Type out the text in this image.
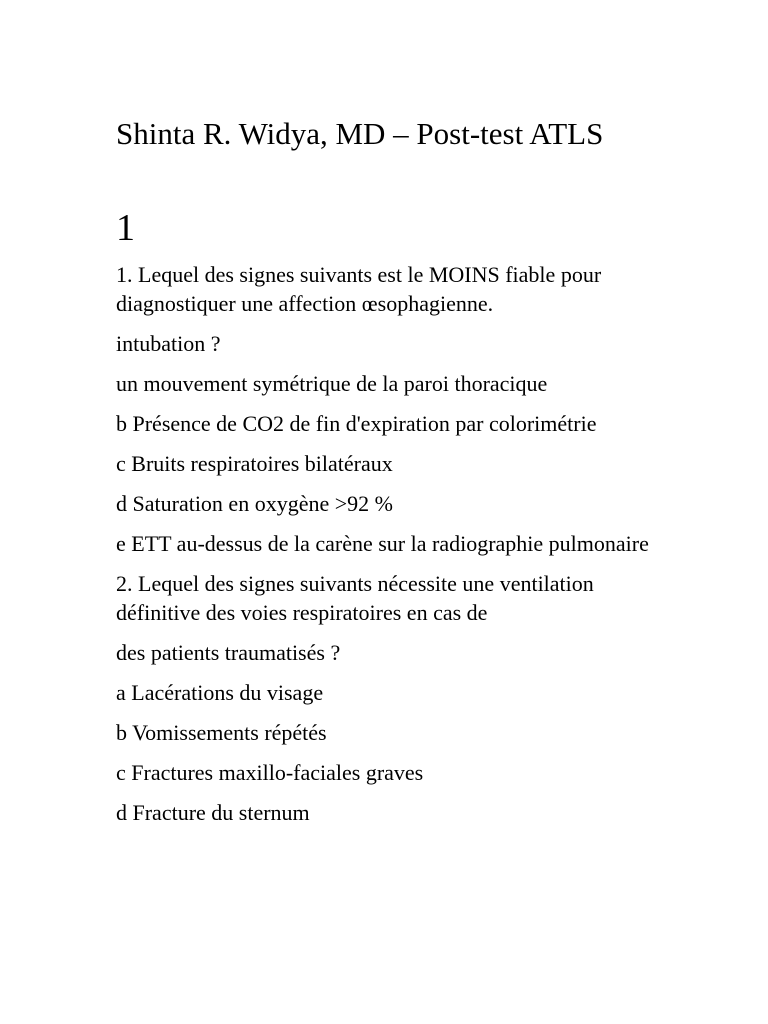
Shinta R. Widya, MD – Post-test ATLS
1

1. Lequel des signes suivants est le MOINS fiable pour diagnostiquer une affection œsophagienne.

intubation ?

un mouvement symétrique de la paroi thoracique

b Présence de CO2 de fin d'expiration par colorimétrie

c Bruits respiratoires bilatéraux

d Saturation en oxygène >92 %

e ETT au-dessus de la carène sur la radiographie pulmonaire

2. Lequel des signes suivants nécessite une ventilation définitive des voies respiratoires en cas de

des patients traumatisés ?

a Lacérations du visage

b Vomissements répétés

c Fractures maxillo-faciales graves

d Fracture du sternum
